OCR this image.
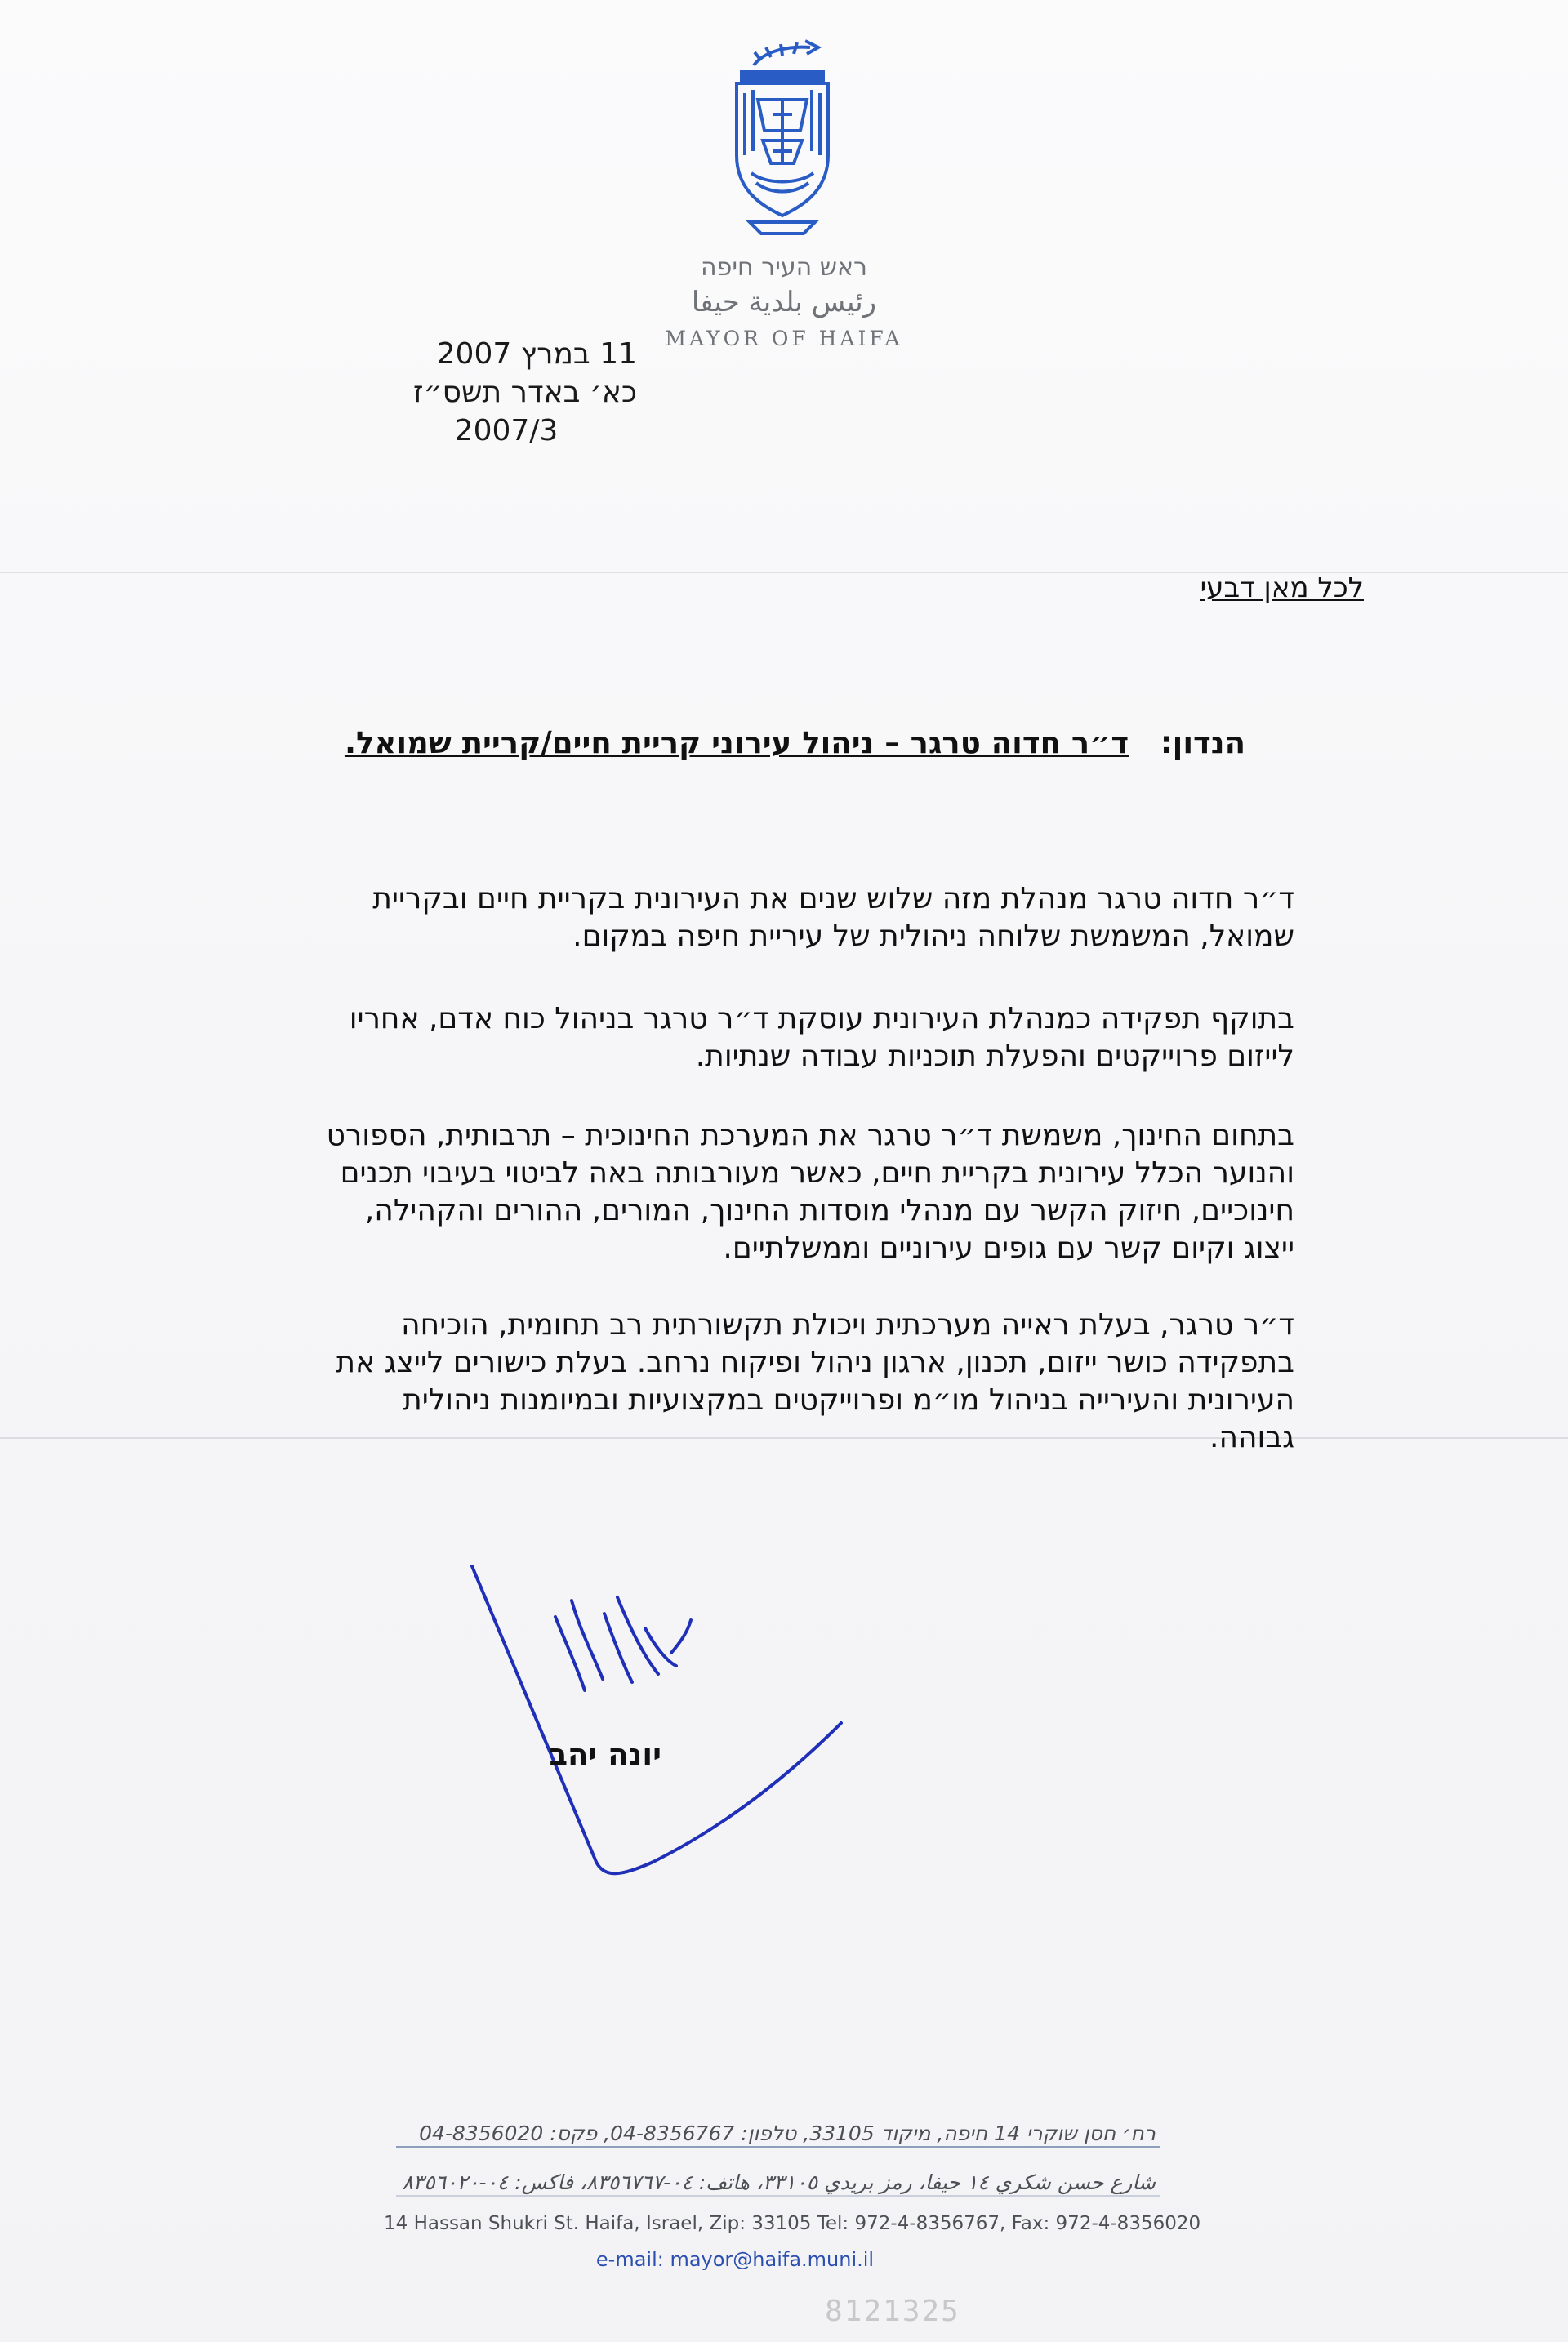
ראש העיר חיפה
رئيس بلدية حيفا
MAYOR OF HAIFA
11 במרץ 2007
כא׳ באדר תשס״ז
2007/3
לכל מאן דבעי
הנדון:   ד״ר חדוה טרגר – ניהול עירוני קריית חיים/קריית שמואל.
ד״ר חדוה טרגר מנהלת מזה שלוש שנים את העירונית בקריית חיים ובקריית
שמואל, המשמשת שלוחה ניהולית של עיריית חיפה במקום.
בתוקף תפקידה כמנהלת העירונית עוסקת ד״ר טרגר בניהול כוח אדם, אחריו
לייזום פרוייקטים והפעלת תוכניות עבודה שנתיות.
בתחום החינוך, משמשת ד״ר טרגר את המערכת החינוכית – תרבותית, הספורט
והנוער הכלל עירונית בקריית חיים, כאשר מעורבותה באה לביטוי בעיבוי תכנים
חינוכיים, חיזוק הקשר עם מנהלי מוסדות החינוך, המורים, ההורים והקהילה,
ייצוג וקיום קשר עם גופים עירוניים וממשלתיים.
ד״ר טרגר, בעלת ראייה מערכתית ויכולת תקשורתית רב תחומית, הוכיחה
בתפקידה כושר ייזום, תכנון, ארגון ניהול ופיקוח נרחב. בעלת כישורים לייצג את
העירונית והעירייה בניהול מו״מ ופרוייקטים במקצועיות ובמיומנות ניהולית
גבוהה.
יונה יהב
רח׳ חסן שוקרי 14 חיפה, מיקוד 33105, טלפון: 04-8356767, פקס: 04-8356020
شارع حسن شكري ١٤ حيفا، رمز بريدي ٣٣١٠٥، هاتف: ٠٤-٨٣٥٦٧٦٧، فاكس: ٠٤-٨٣٥٦٠٢٠
14 Hassan Shukri St. Haifa, Israel, Zip: 33105 Tel: 972-4-8356767, Fax: 972-4-8356020
e-mail: mayor@haifa.muni.il
8121325
